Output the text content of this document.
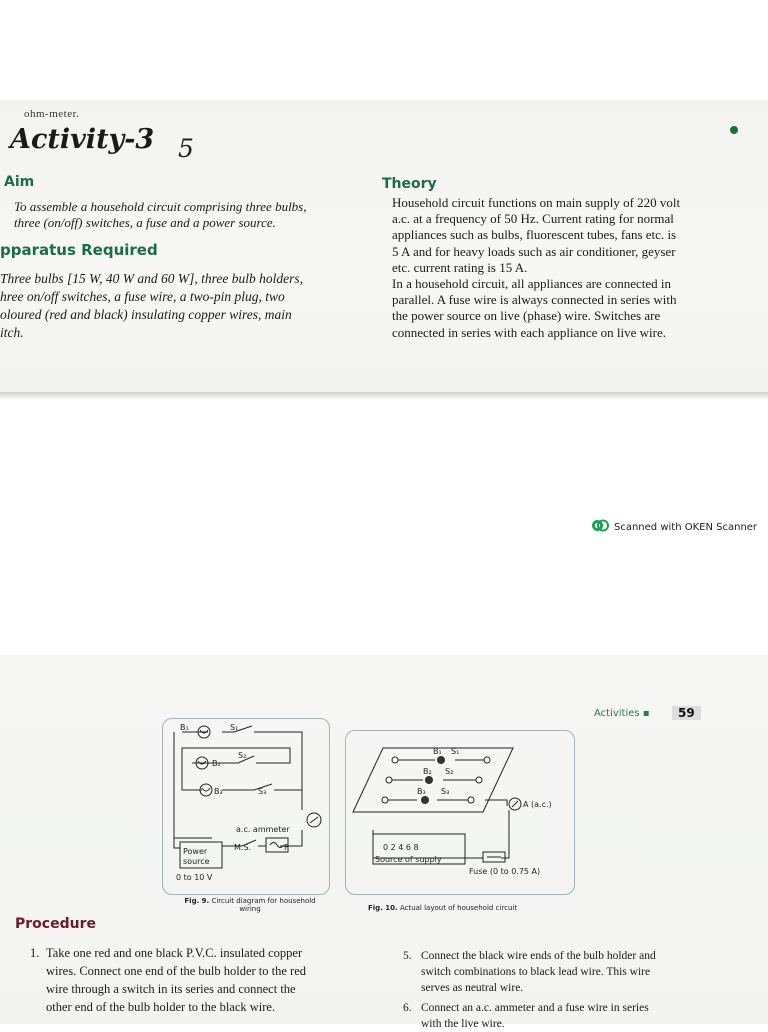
ohm-meter.
Activity-3 5
Aim
To assemble a household circuit comprising three bulbs,
three (on/off) switches, a fuse and a power source.
pparatus Required
Three bulbs [15 W, 40 W and 60 W], three bulb holders,
hree on/off switches, a fuse wire, a two-pin plug, two
oloured (red and black) insulating copper wires, main
itch.
Theory
Household circuit functions on main supply of 220 volt
a.c. at a frequency of 50 Hz. Current rating for normal
appliances such as bulbs, fluorescent tubes, fans etc. is
5 A and for heavy loads such as air conditioner, geyser
etc. current rating is 15 A.
In a household circuit, all appliances are connected in
parallel. A fuse wire is always connected in series with
the power source on live (phase) wire. Switches are
connected in series with each appliance on live wire.
Scanned with OKEN Scanner
Activities ▪	59
B₁	S₁
B₂
S₂
B₃	S₃
a.c. ammeter
M.S.	F
Power
source
0 to 10 V
Fig. 9. Circuit diagram for household wiring
A (a.c.)
0 2 4 6 8
Source of supply
Fuse (0 to 0.75 A)
B₁ S₁
B₂ S₂
B₃ S₃
Fig. 10. Actual layout of household circuit
Procedure
1. Take one red and one black P.V.C. insulated copper
wires. Connect one end of the bulb holder to the red
wire through a switch in its series and connect the
other end of the bulb holder to the black wire.
5. Connect the black wire ends of the bulb holder and
switch combinations to black lead wire. This wire
serves as neutral wire.
6. Connect an a.c. ammeter and a fuse wire in series
with the live wire.
